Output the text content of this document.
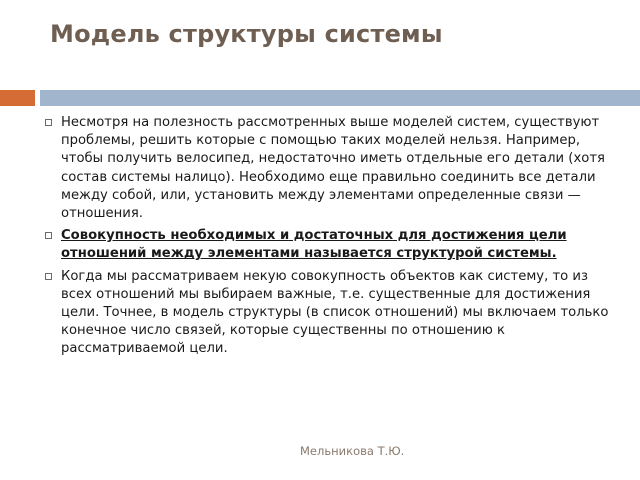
Модель структуры системы
Несмотря на полезность рассмотренных выше моделей систем, существуют проблемы, решить которые с помощью таких моделей нельзя. Например, чтобы получить велосипед, недостаточно иметь отдельные его детали (хотя состав системы налицо). Необходимо еще правильно соединить все детали между собой, или, установить между элементами определенные связи — отношения.
Совокупность необходимых и достаточных для достижения цели отношений между элементами называется структурой системы.
Когда мы рассматриваем некую совокупность объектов как систему, то из всех отношений мы выбираем важные, т.е. существенные для достижения цели. Точнее, в модель структуры (в список отношений) мы включаем только конечное число связей, которые существенны по отношению к рассматриваемой цели.
Мельникова Т.Ю.
